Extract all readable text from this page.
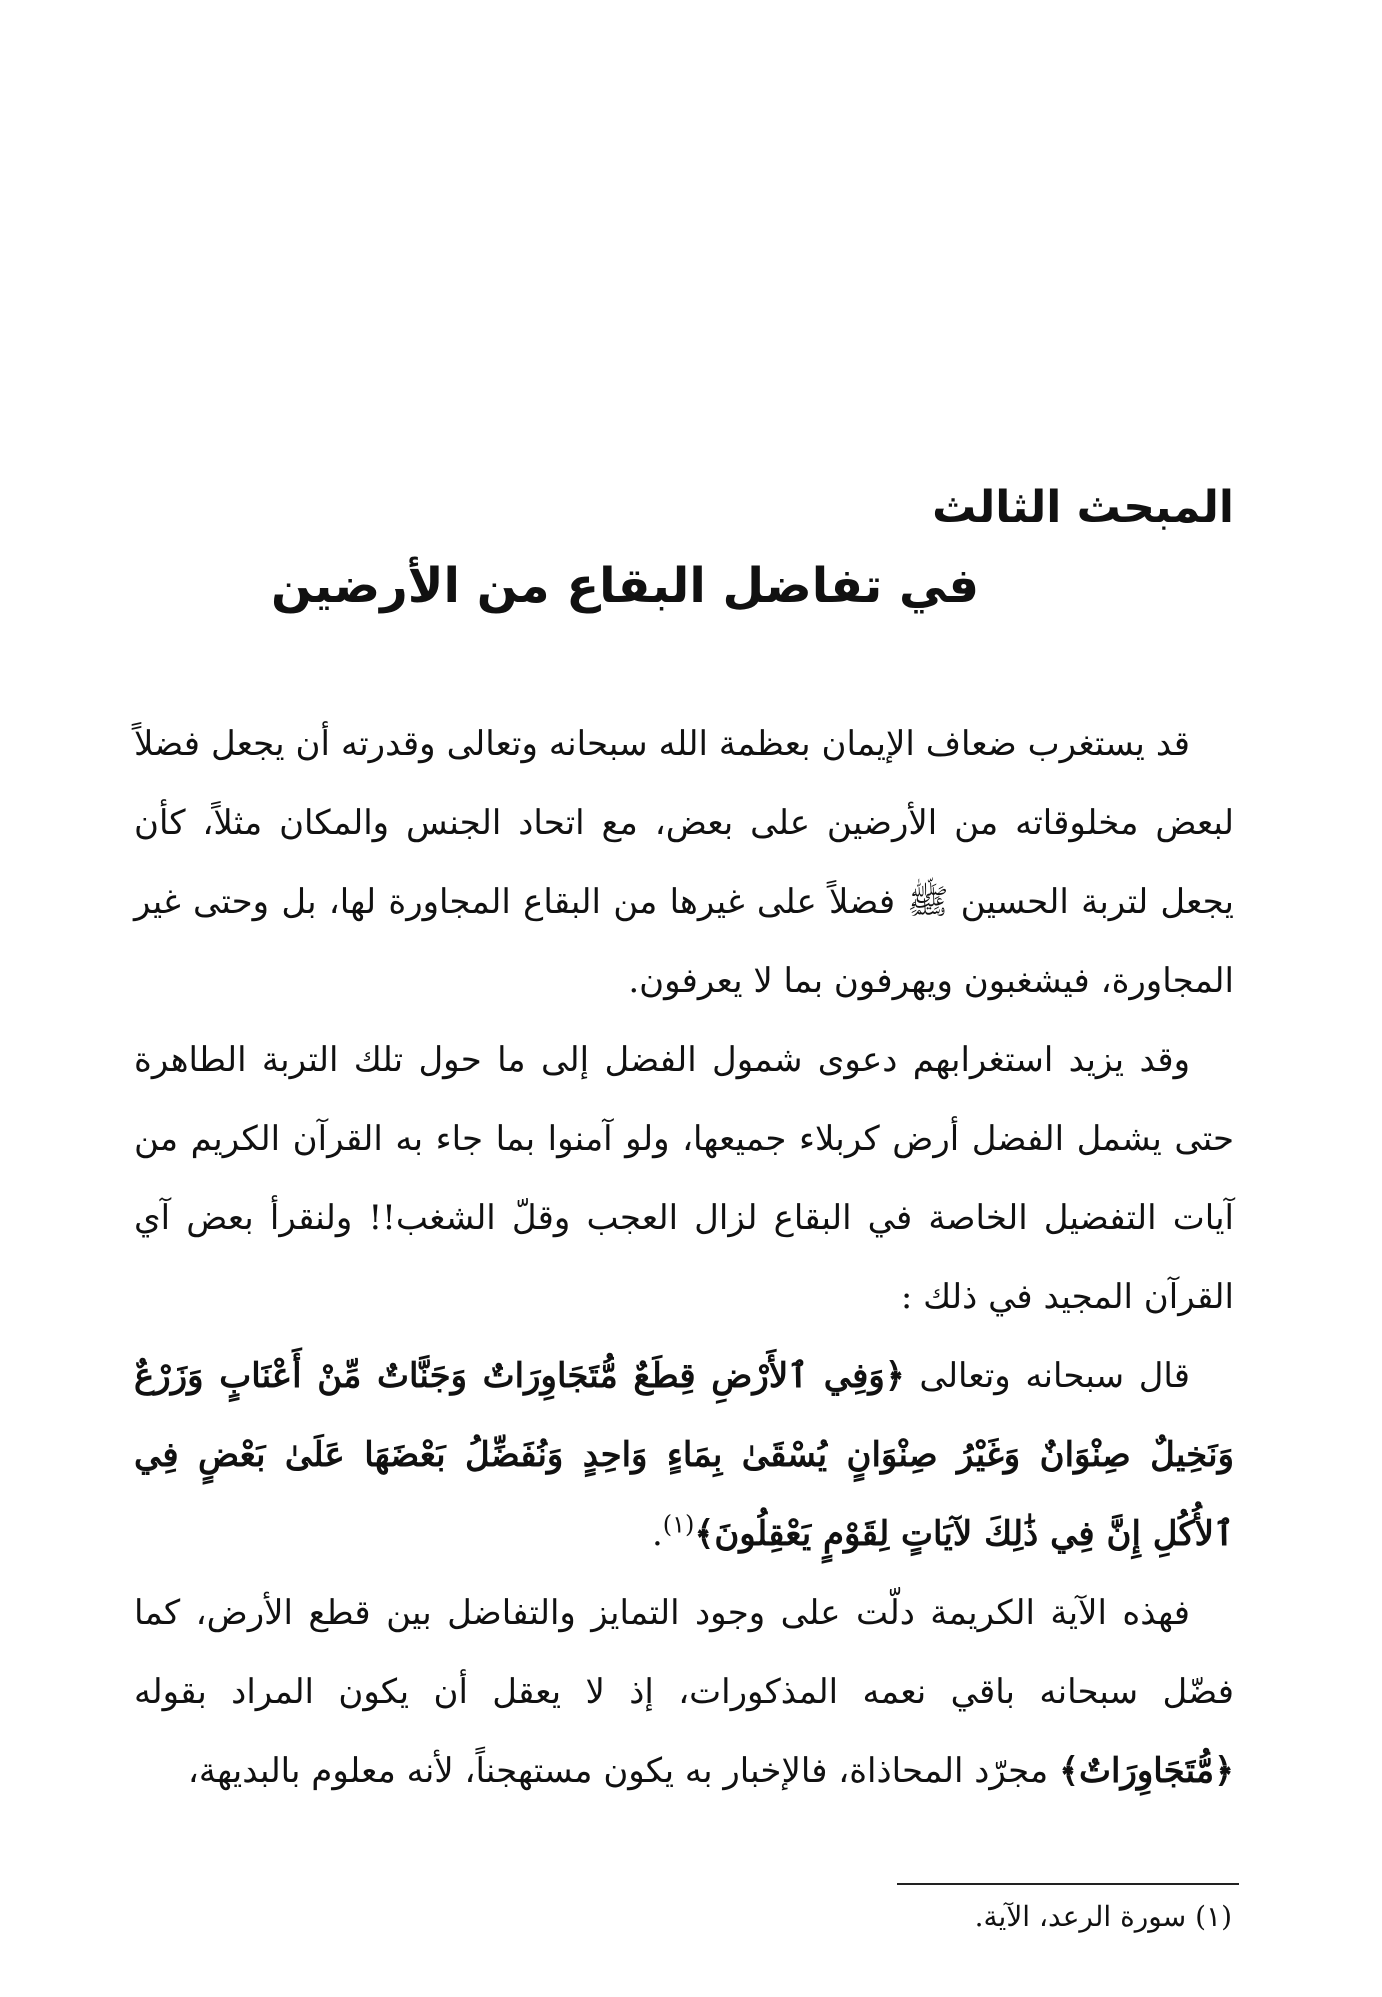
المبحث الثالث
في تفاضل البقاع من الأرضين

قد يستغرب ضعاف الإيمان بعظمة الله سبحانه وتعالى وقدرته أن يجعل فضلاً لبعض مخلوقاته من الأرضين على بعض، مع اتحاد الجنس والمكان مثلاً، كأن يجعل لتربة الحسين ﷺ فضلاً على غيرها من البقاع المجاورة لها، بل وحتى غير المجاورة، فيشغبون ويهرفون بما لا يعرفون.

وقد يزيد استغرابهم دعوى شمول الفضل إلى ما حول تلك التربة الطاهرة حتى يشمل الفضل أرض كربلاء جميعها، ولو آمنوا بما جاء به القرآن الكريم من آيات التفضيل الخاصة في البقاع لزال العجب وقلّ الشغب!! ولنقرأ بعض آي القرآن المجيد في ذلك :

قال سبحانه وتعالى ﴿وَفِي ٱلأَرْضِ قِطَعٌ مُّتَجَاوِرَاتٌ وَجَنَّاتٌ مِّنْ أَعْنَابٍ وَزَرْعٌ وَنَخِيلٌ صِنْوَانٌ وَغَيْرُ صِنْوَانٍ يُسْقَىٰ بِمَاءٍ وَاحِدٍ وَنُفَضِّلُ بَعْضَهَا عَلَىٰ بَعْضٍ فِي ٱلأُكُلِ إِنَّ فِي ذَٰلِكَ لآيَاتٍ لِقَوْمٍ يَعْقِلُونَ﴾$^{(١)}$.

فهذه الآية الكريمة دلّت على وجود التمايز والتفاضل بين قطع الأرض، كما فضّل سبحانه باقي نعمه المذكورات، إذ لا يعقل أن يكون المراد بقوله ﴿مُّتَجَاوِرَاتٌ﴾ مجرّد المحاذاة، فالإخبار به يكون مستهجناً، لأنه معلوم بالبديهة،

(١) سورة الرعد، الآية.
